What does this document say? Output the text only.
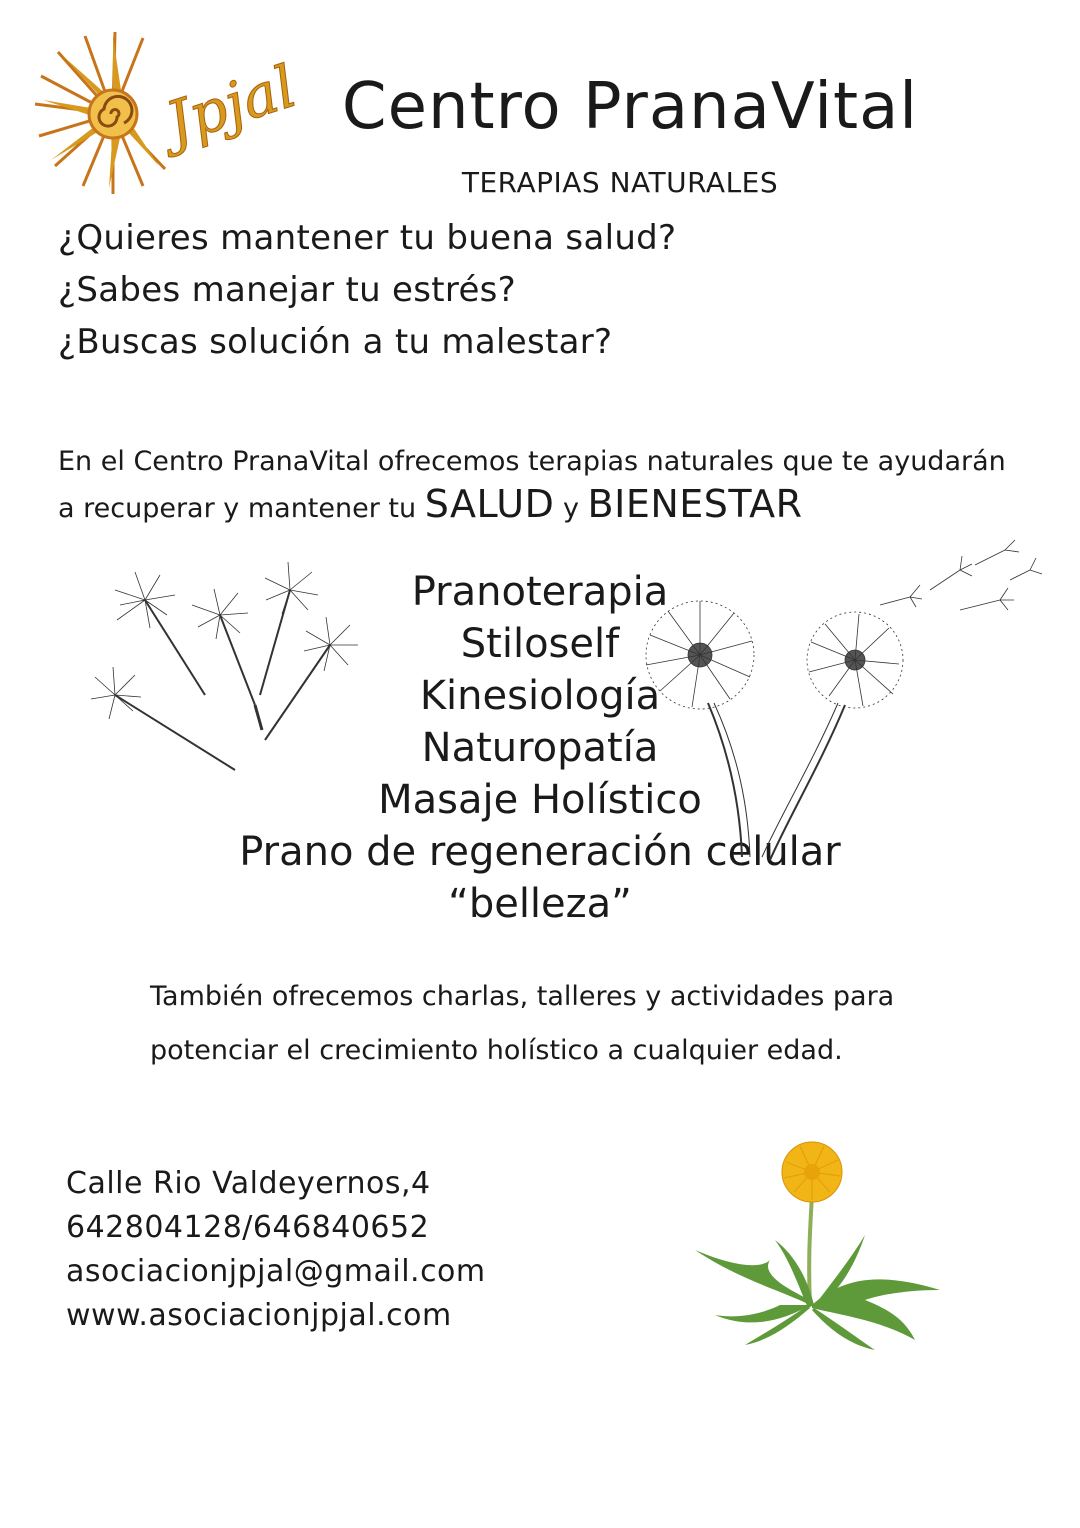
Jpjal Centro PranaVital
TERAPIAS NATURALES
¿Quieres mantener tu buena salud?
¿Sabes manejar tu estrés?
¿Buscas solución a tu malestar?
En el Centro PranaVital ofrecemos terapias naturales que te ayudarán
a recuperar y mantener tu SALUD y BIENESTAR
Pranoterapia
Stiloself
Kinesiología
Naturopatía
Masaje Holístico
Prano de regeneración celular
“belleza”
También ofrecemos charlas, talleres y actividades para
potenciar el crecimiento holístico a cualquier edad.
Calle Rio Valdeyernos,4
642804128/646840652
asociacionjpjal@gmail.com
www.asociacionjpjal.com
